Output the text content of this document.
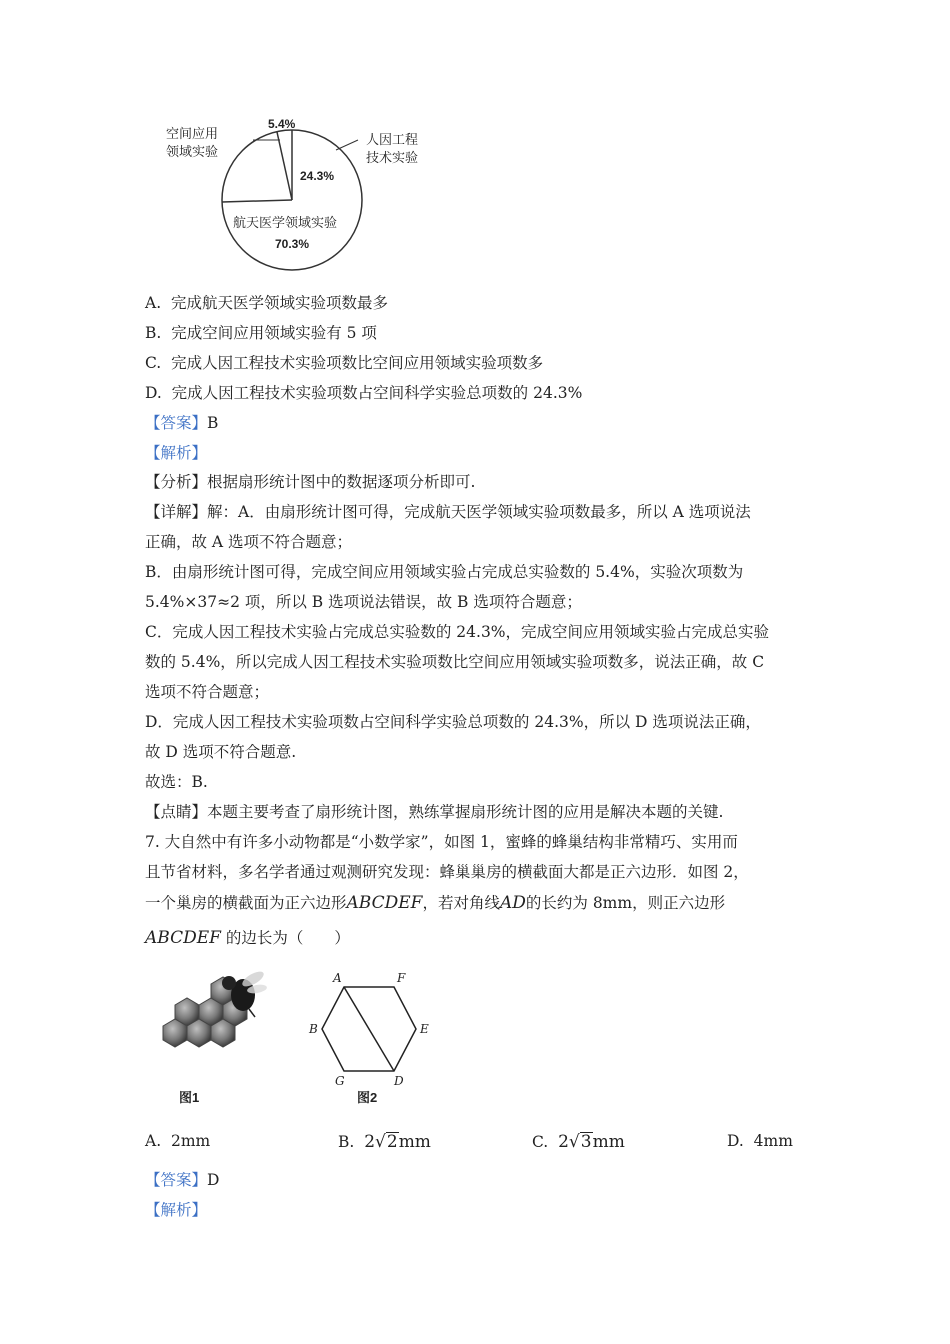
空间应用
领域实验
5.4%
人因工程
技术实验
24.3%
航天医学领域实验
70.3%
A. 完成航天医学领域实验项数最多
B. 完成空间应用领域实验有 5 项
C. 完成人因工程技术实验项数比空间应用领域实验项数多
D. 完成人因工程技术实验项数占空间科学实验总项数的 24.3%
【答案】B
【解析】
【分析】根据扇形统计图中的数据逐项分析即可.
【详解】解：A．由扇形统计图可得，完成航天医学领域实验项数最多，所以 A 选项说法
正确，故 A 选项不符合题意；
B．由扇形统计图可得，完成空间应用领域实验占完成总实验数的 5.4%，实验次项数为
5.4%×37≈2 项，所以 B 选项说法错误，故 B 选项符合题意；
C．完成人因工程技术实验占完成总实验数的 24.3%，完成空间应用领域实验占完成总实验
数的 5.4%，所以完成人因工程技术实验项数比空间应用领域实验项数多，说法正确，故 C
选项不符合题意；
D．完成人因工程技术实验项数占空间科学实验总项数的 24.3%，所以 D 选项说法正确，
故 D 选项不符合题意.
故选：B.
【点睛】本题主要考查了扇形统计图，熟练掌握扇形统计图的应用是解决本题的关键.
7. 大自然中有许多小动物都是“小数学家”，如图 1，蜜蜂的蜂巢结构非常精巧、实用而
且节省材料，多名学者通过观测研究发现：蜂巢巢房的横截面大都是正六边形．如图 2，
一个巢房的横截面为正六边形ABCDEF，若对角线AD的长约为 8mm，则正六边形
ABCDEF 的边长为（　　）
图1
A	F
B	E
G	D
图2
A. 2mm	B. 2√2mm	C. 2√3mm	D. 4mm
【答案】D
【解析】
